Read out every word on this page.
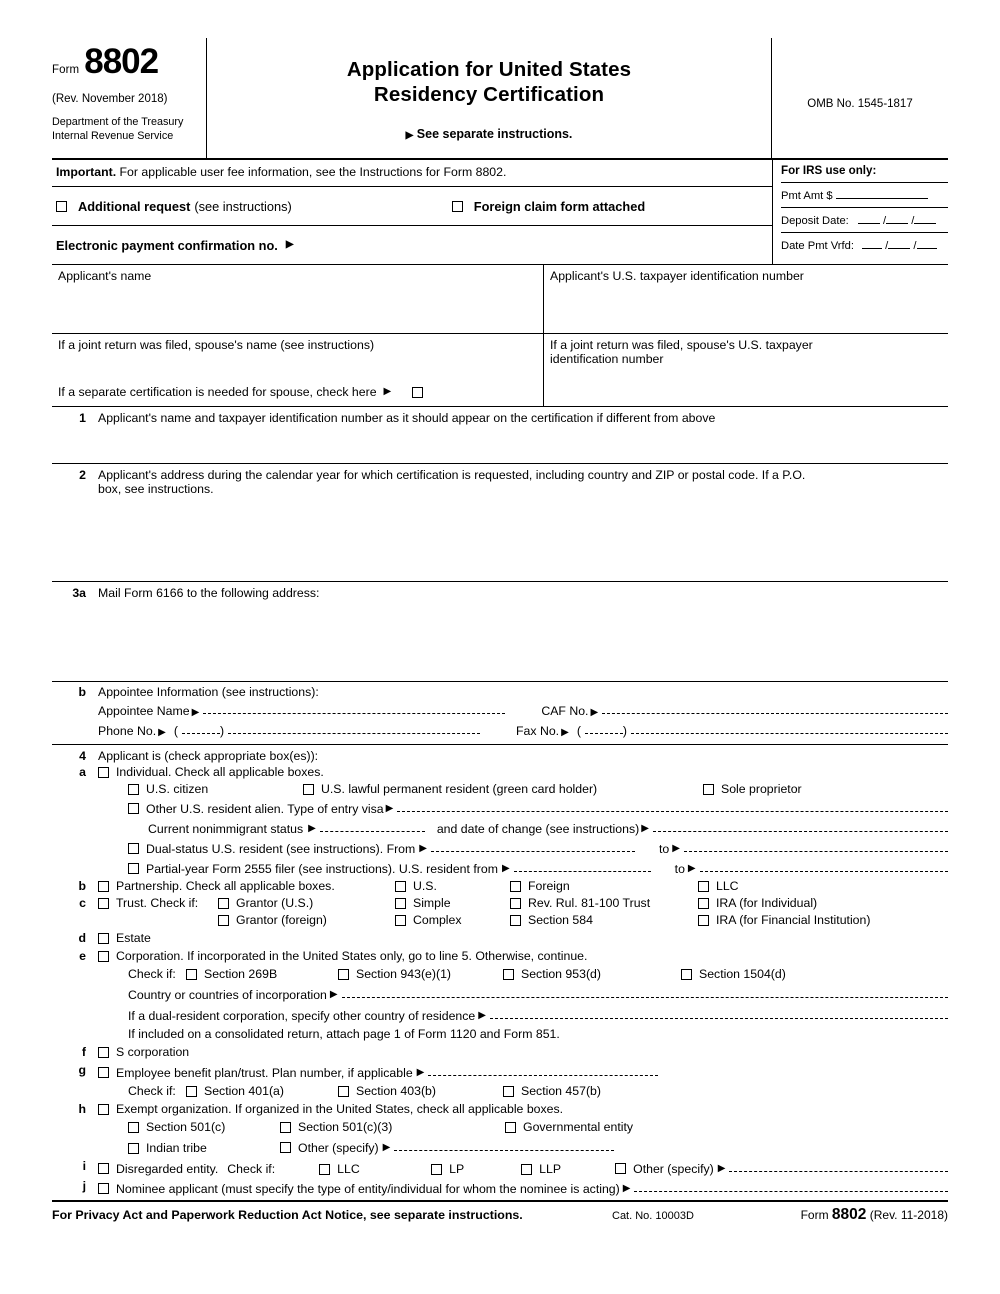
Form 8802
(Rev. November 2018)
Department of the Treasury
Internal Revenue Service
Application for United States
Residency Certification
▶ See separate instructions.
OMB No. 1545-1817
Important. For applicable user fee information, see the Instructions for Form 8802.
Additional request (see instructions)	Foreign claim form attached
Electronic payment confirmation no. ▶
For IRS use only:
Pmt Amt $
Deposit Date:	/ /
Date Pmt Vrfd:	/ /
Applicant's name	Applicant's U.S. taxpayer identification number
If a joint return was filed, spouse's name (see instructions)
If a separate certification is needed for spouse, check here ▶
If a joint return was filed, spouse's U.S. taxpayer
identification number
1 Applicant's name and taxpayer identification number as it should appear on the certification if different from above
2 Applicant's address during the calendar year for which certification is requested, including country and ZIP or postal code. If a P.O.
box, see instructions.
3a Mail Form 6166 to the following address:
b Appointee Information (see instructions):
Appointee Name ▶	CAF No. ▶
Phone No. ▶ (	)	Fax No. ▶ (	)
4 Applicant is (check appropriate box(es)):
a	Individual. Check all applicable boxes.
U.S. citizen	U.S. lawful permanent resident (green card holder)	Sole proprietor
Other U.S. resident alien. Type of entry visa ▶
Current nonimmigrant status ▶	and date of change (see instructions) ▶
Dual-status U.S. resident (see instructions). From ▶	to ▶
Partial-year Form 2555 filer (see instructions). U.S. resident from ▶	to ▶
b	Partnership. Check all applicable boxes.	U.S.	Foreign	LLC
c	Trust. Check if:	Grantor (U.S.)	Simple	Rev. Rul. 81-100 Trust	IRA (for Individual)
Grantor (foreign)	Complex	Section 584	IRA (for Financial Institution)
d	Estate
e	Corporation. If incorporated in the United States only, go to line 5. Otherwise, continue.
Check if:	Section 269B	Section 943(e)(1)	Section 953(d)	Section 1504(d)
Country or countries of incorporation ▶
If a dual-resident corporation, specify other country of residence ▶
If included on a consolidated return, attach page 1 of Form 1120 and Form 851.
f	S corporation
g	Employee benefit plan/trust. Plan number, if applicable ▶
Check if:	Section 401(a)	Section 403(b)	Section 457(b)
h	Exempt organization. If organized in the United States, check all applicable boxes.
Section 501(c)	Section 501(c)(3)	Governmental entity
Indian tribe	Other (specify) ▶
i	Disregarded entity. Check if:	LLC	LP	LLP	Other (specify) ▶
j	Nominee applicant (must specify the type of entity/individual for whom the nominee is acting) ▶
For Privacy Act and Paperwork Reduction Act Notice, see separate instructions.	Cat. No. 10003D	Form 8802 (Rev. 11-2018)
